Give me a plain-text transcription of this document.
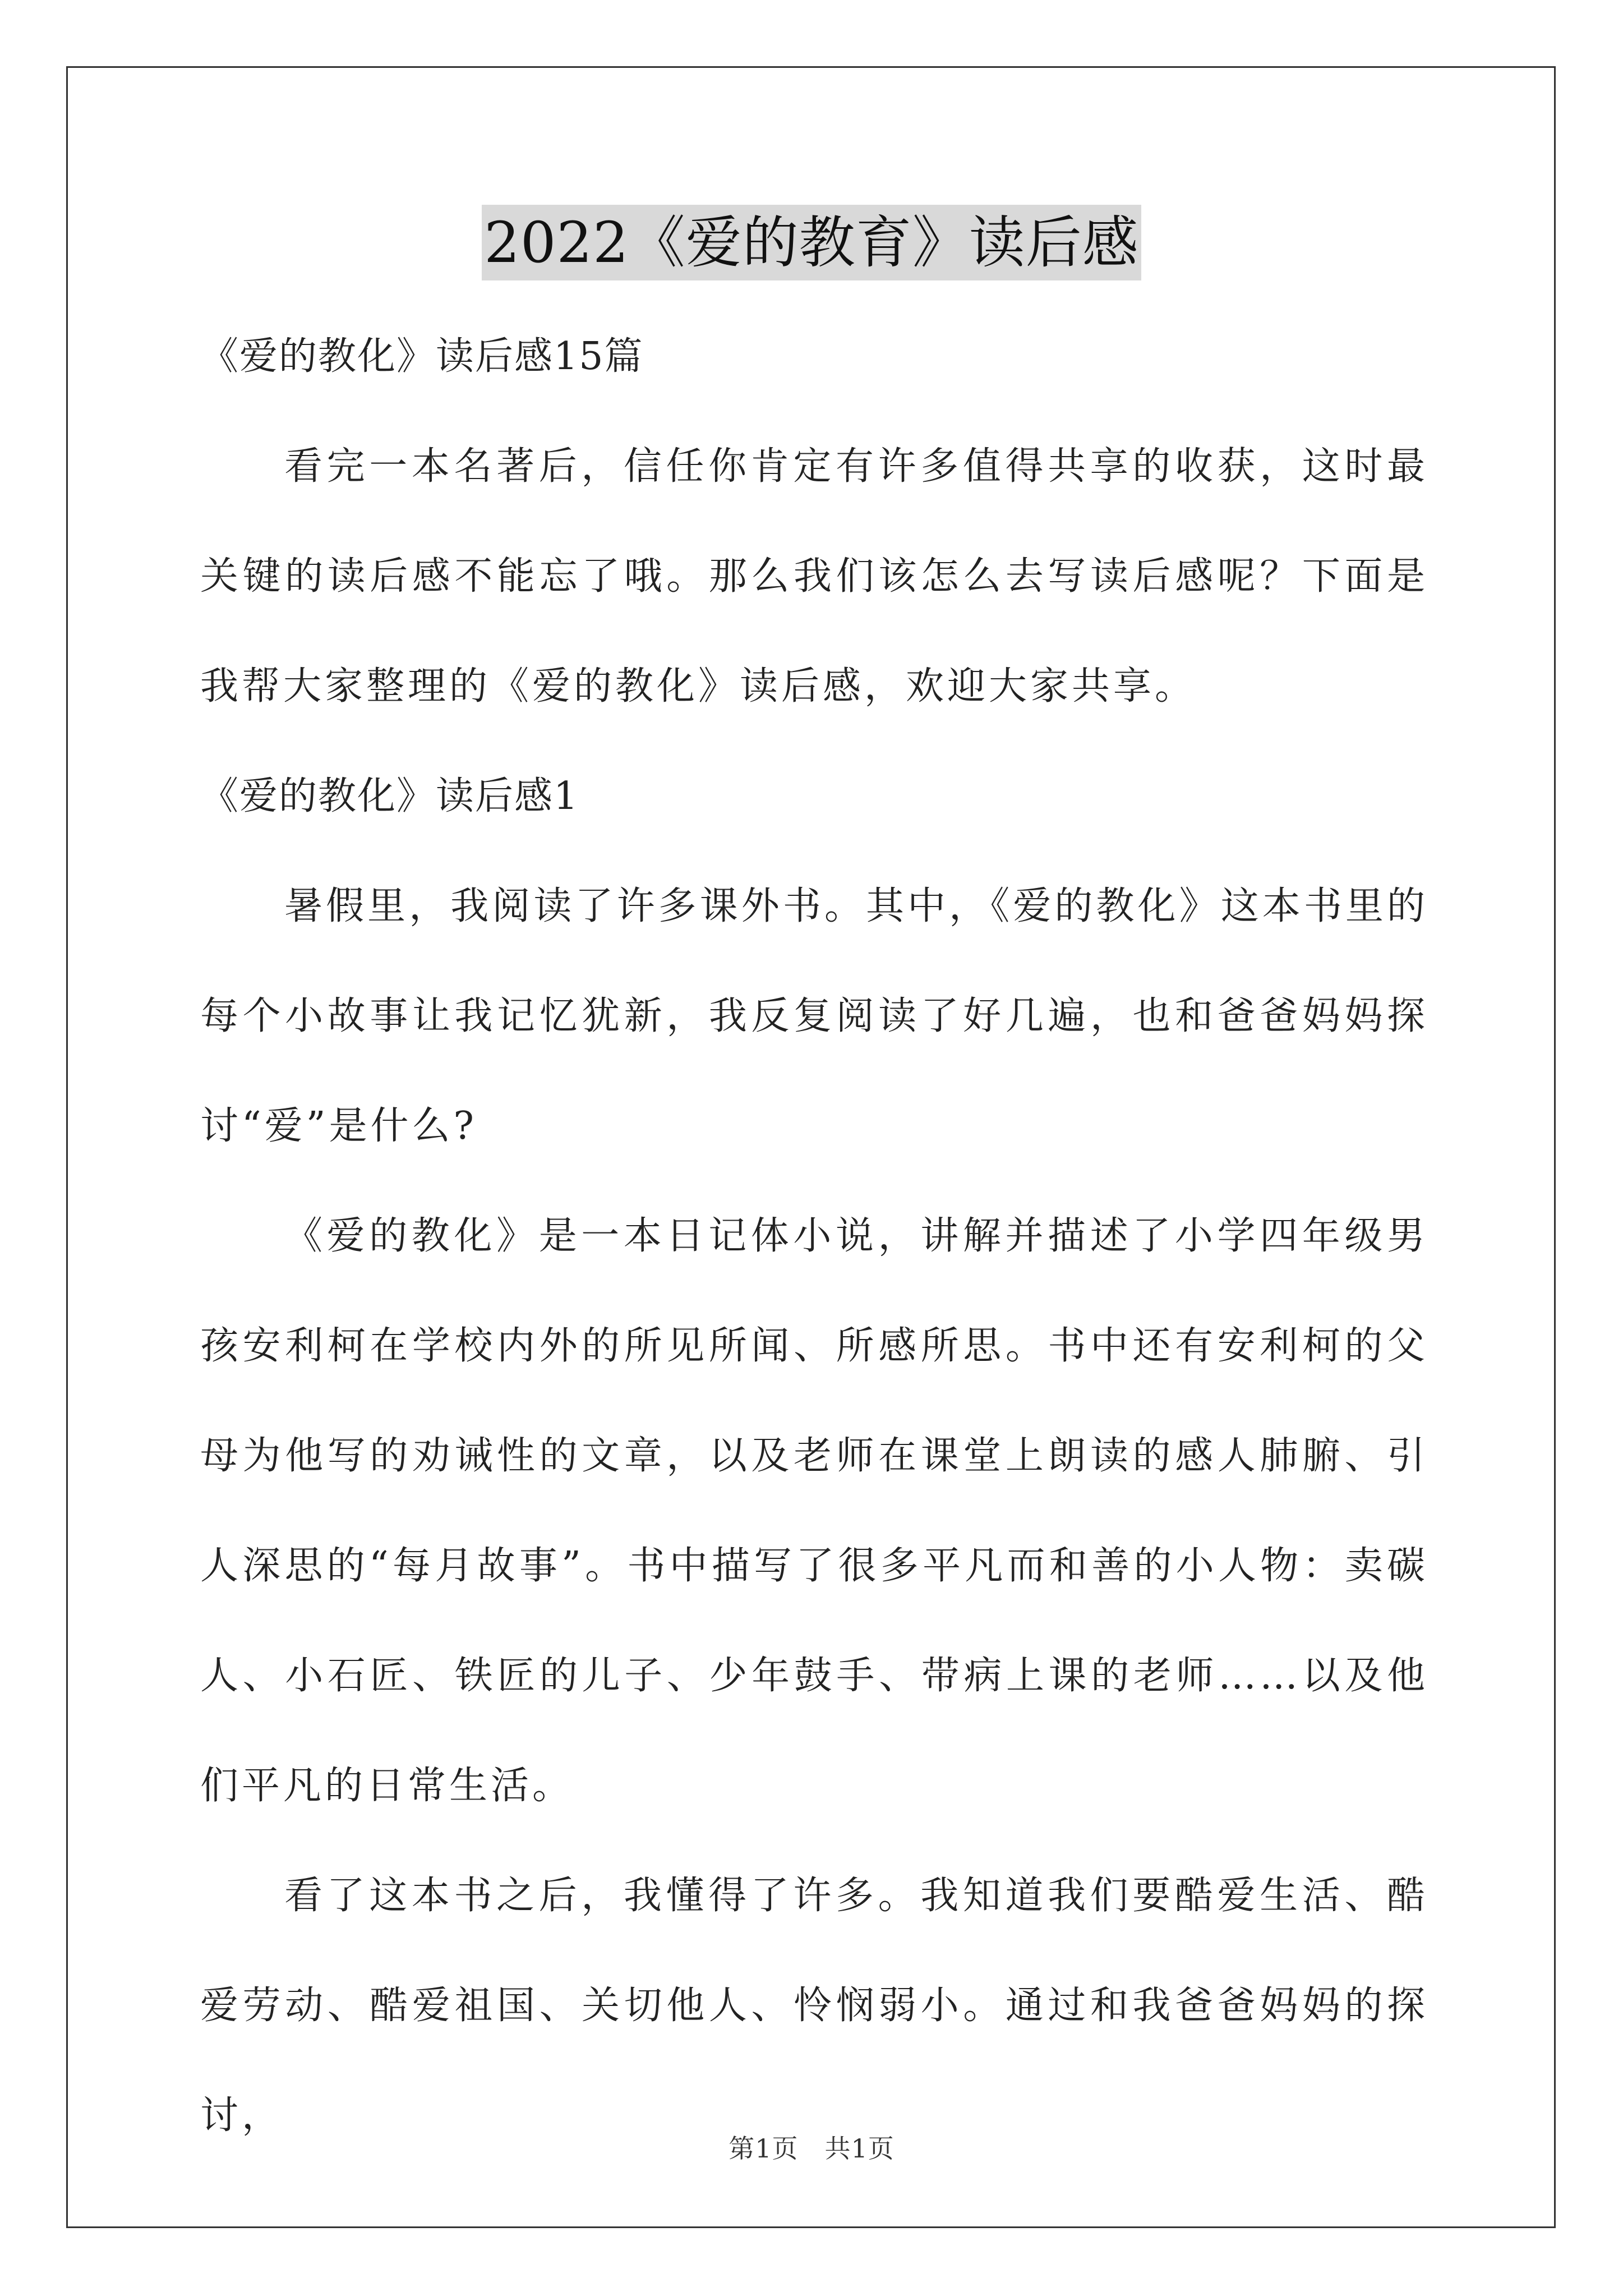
2022《爱的教育》读后感

《爱的教化》读后感15篇

看完一本名著后，信任你肯定有许多值得共享的收获，这时最关键的读后感不能忘了哦。那么我们该怎么去写读后感呢？下面是我帮大家整理的《爱的教化》读后感，欢迎大家共享。

《爱的教化》读后感1

暑假里，我阅读了许多课外书。其中，《爱的教化》这本书里的每个小故事让我记忆犹新，我反复阅读了好几遍，也和爸爸妈妈探讨“爱”是什么?

《爱的教化》是一本日记体小说，讲解并描述了小学四年级男孩安利柯在学校内外的所见所闻、所感所思。书中还有安利柯的父母为他写的劝诫性的文章，以及老师在课堂上朗读的感人肺腑、引人深思的“每月故事”。书中描写了很多平凡而和善的小人物：卖碳人、小石匠、铁匠的儿子、少年鼓手、带病上课的老师……以及他们平凡的日常生活。

看了这本书之后，我懂得了许多。我知道我们要酷爱生活、酷爱劳动、酷爱祖国、关切他人、怜悯弱小。通过和我爸爸妈妈的探讨，

第1页　共1页
